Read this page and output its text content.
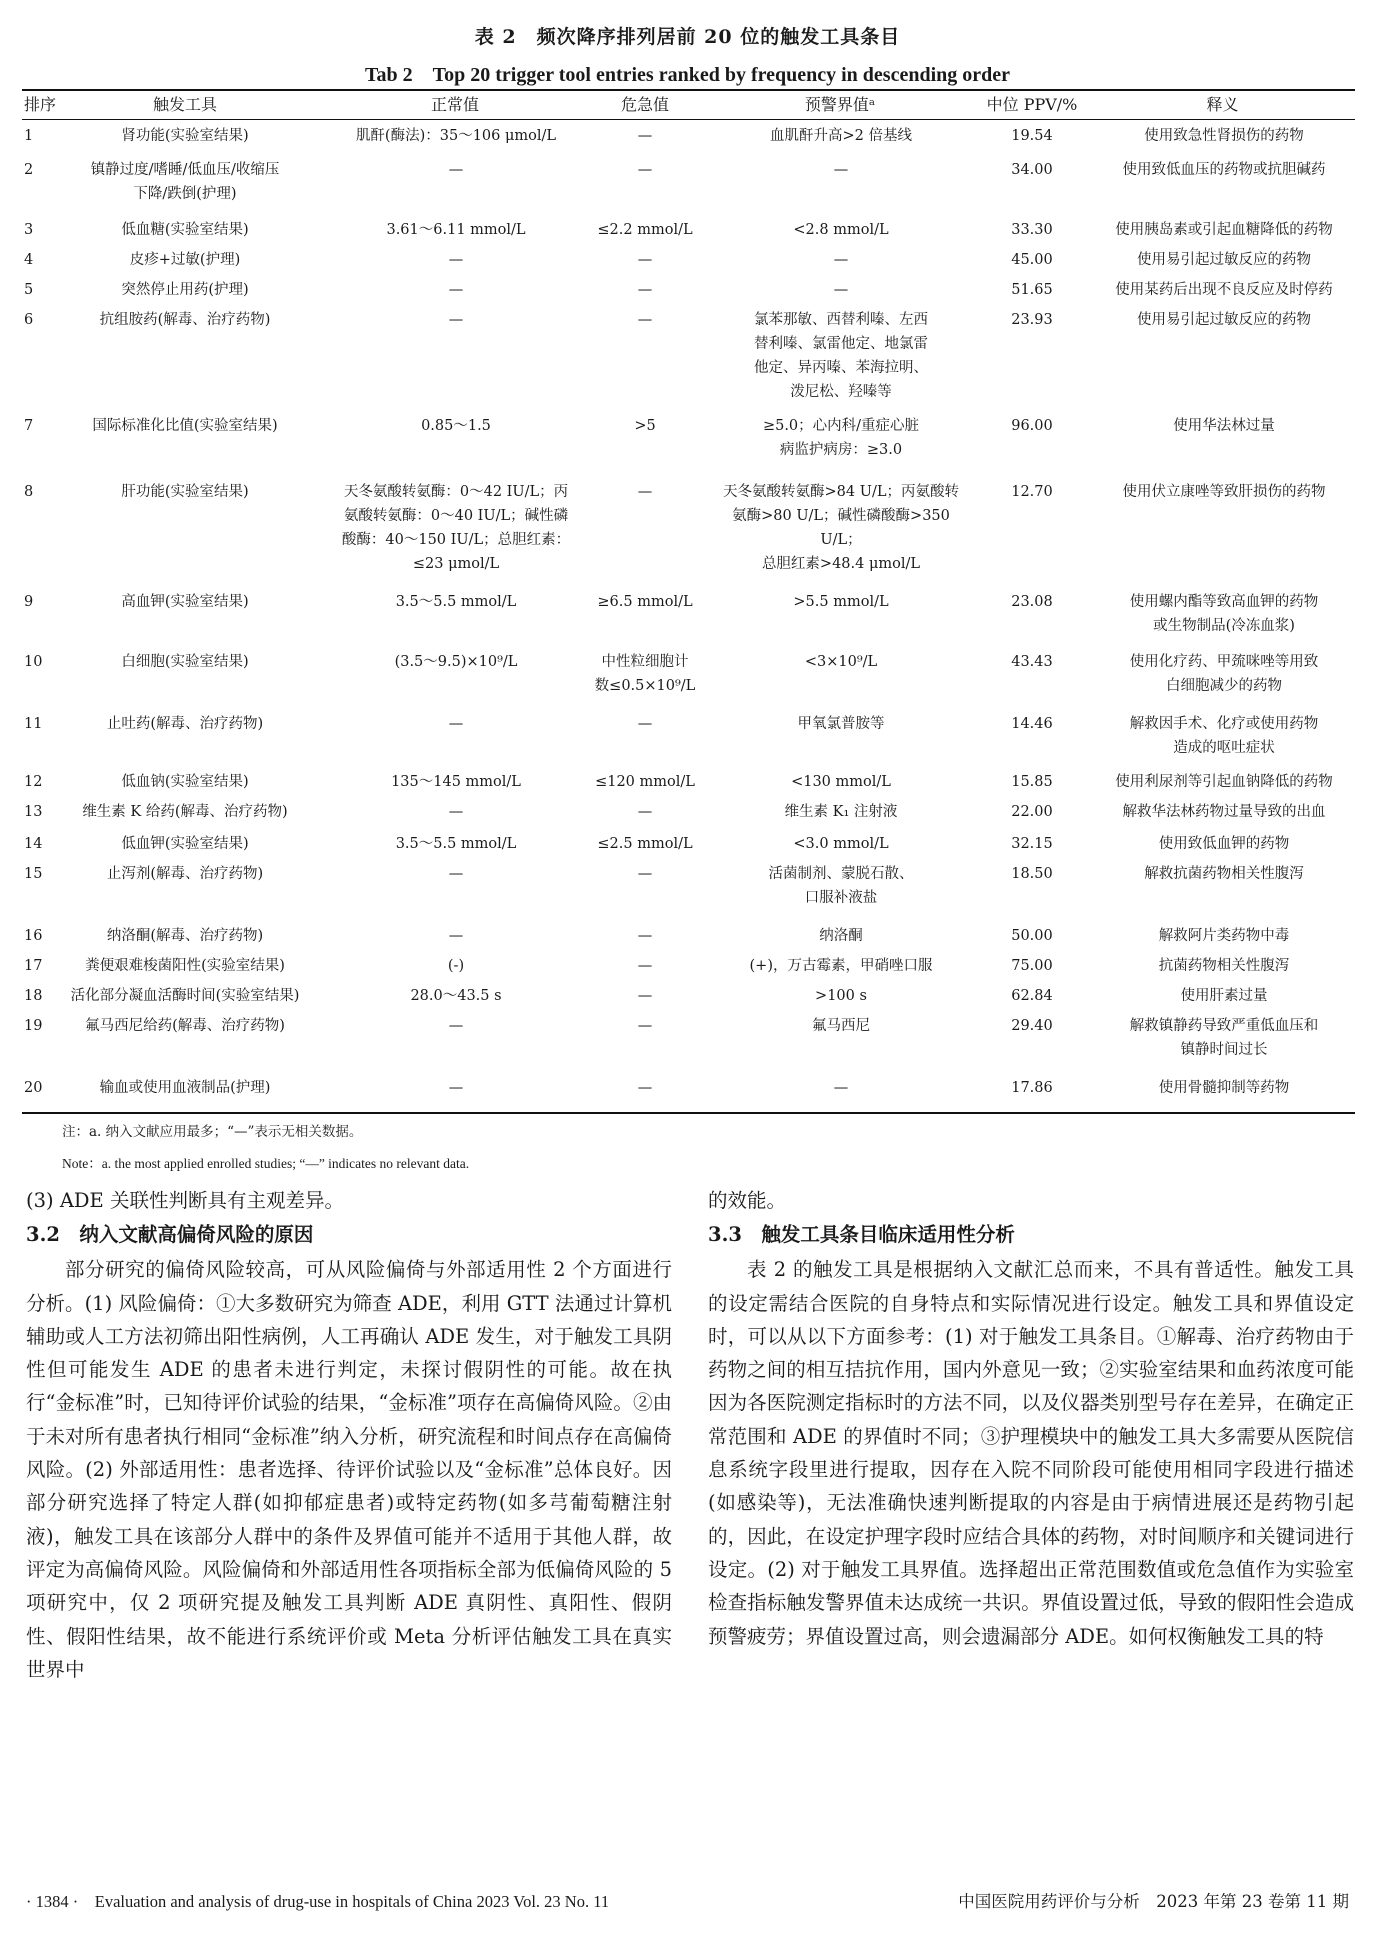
表 2　频次降序排列居前 20 位的触发工具条目
Tab 2　Top 20 trigger tool entries ranked by frequency in descending order
排序	触发工具	正常值	危急值	预警界值ᵃ	中位 PPV/%	释义
1	肾功能(实验室结果)	肌酐(酶法)：35～106 μmol/L	—	血肌酐升高>2 倍基线	19.54	使用致急性肾损伤的药物
2	镇静过度/嗜睡/低血压/收缩压
下降/跌倒(护理)
—	—	—	34.00	使用致低血压的药物或抗胆碱药
3	低血糖(实验室结果)	3.61～6.11 mmol/L	≤2.2 mmol/L	<2.8 mmol/L	33.30	使用胰岛素或引起血糖降低的药物
4	皮疹+过敏(护理)	—	—	—	45.00	使用易引起过敏反应的药物
5	突然停止用药(护理)	—	—	—	51.65	使用某药后出现不良反应及时停药
6	抗组胺药(解毒、治疗药物)	—	—	氯苯那敏、西替利嗪、左西
替利嗪、氯雷他定、地氯雷
他定、异丙嗪、苯海拉明、
泼尼松、羟嗪等
23.93	使用易引起过敏反应的药物
7	国际标准化比值(实验室结果)	0.85～1.5	>5	≥5.0；心内科/重症心脏
病监护病房：≥3.0
96.00	使用华法林过量
8	肝功能(实验室结果)	天冬氨酸转氨酶：0～42 IU/L；丙
氨酸转氨酶：0～40 IU/L；碱性磷
酸酶：40～150 IU/L；总胆红素：
≤23 μmol/L
—	天冬氨酸转氨酶>84 U/L；丙氨酸转
氨酶>80 U/L；碱性磷酸酶>350 U/L；
总胆红素>48.4 μmol/L
12.70	使用伏立康唑等致肝损伤的药物
9	高血钾(实验室结果)	3.5～5.5 mmol/L	≥6.5 mmol/L	>5.5 mmol/L	23.08	使用螺内酯等致高血钾的药物
或生物制品(冷冻血浆)
10	白细胞(实验室结果)	(3.5～9.5)×10⁹/L	中性粒细胞计
数≤0.5×10⁹/L
<3×10⁹/L	43.43	使用化疗药、甲巯咪唑等用致
白细胞减少的药物
11	止吐药(解毒、治疗药物)	—	—	甲氧氯普胺等	14.46	解救因手术、化疗或使用药物
造成的呕吐症状
12	低血钠(实验室结果)	135～145 mmol/L	≤120 mmol/L	<130 mmol/L	15.85	使用利尿剂等引起血钠降低的药物
13	维生素 K 给药(解毒、治疗药物)	—	—	维生素 K₁ 注射液	22.00	解救华法林药物过量导致的出血
14	低血钾(实验室结果)	3.5～5.5 mmol/L	≤2.5 mmol/L	<3.0 mmol/L	32.15	使用致低血钾的药物
15	止泻剂(解毒、治疗药物)	—	—	活菌制剂、蒙脱石散、
口服补液盐
18.50	解救抗菌药物相关性腹泻
16	纳洛酮(解毒、治疗药物)	—	—	纳洛酮	50.00	解救阿片类药物中毒
17	粪便艰难梭菌阳性(实验室结果)	(-)	—	(+)，万古霉素，甲硝唑口服	75.00	抗菌药物相关性腹泻
18	活化部分凝血活酶时间(实验室结果)	28.0～43.5 s	—	>100 s	62.84	使用肝素过量
19	氟马西尼给药(解毒、治疗药物)	—	—	氟马西尼	29.40	解救镇静药导致严重低血压和
镇静时间过长
20	输血或使用血液制品(护理)	—	—	—	17.86	使用骨髓抑制等药物
注：a. 纳入文献应用最多；“—”表示无相关数据。
Note：a. the most applied enrolled studies; “—” indicates no relevant data.

(3) ADE 关联性判断具有主观差异。

3.2　纳入文献高偏倚风险的原因

部分研究的偏倚风险较高，可从风险偏倚与外部适用性 2 个方面进行分析。(1) 风险偏倚：①大多数研究为筛查 ADE，利用 GTT 法通过计算机辅助或人工方法初筛出阳性病例，人工再确认 ADE 发生，对于触发工具阴性但可能发生 ADE 的患者未进行判定，未探讨假阴性的可能。故在执行“金标准”时，已知待评价试验的结果，“金标准”项存在高偏倚风险。②由于未对所有患者执行相同“金标准”纳入分析，研究流程和时间点存在高偏倚风险。(2) 外部适用性：患者选择、待评价试验以及“金标准”总体良好。因部分研究选择了特定人群(如抑郁症患者)或特定药物(如多芎葡萄糖注射液)，触发工具在该部分人群中的条件及界值可能并不适用于其他人群，故评定为高偏倚风险。风险偏倚和外部适用性各项指标全部为低偏倚风险的 5 项研究中，仅 2 项研究提及触发工具判断 ADE 真阴性、真阳性、假阴性、假阳性结果，故不能进行系统评价或 Meta 分析评估触发工具在真实世界中

的效能。

3.3　触发工具条目临床适用性分析

表 2 的触发工具是根据纳入文献汇总而来，不具有普适性。触发工具的设定需结合医院的自身特点和实际情况进行设定。触发工具和界值设定时，可以从以下方面参考：(1) 对于触发工具条目。①解毒、治疗药物由于药物之间的相互拮抗作用，国内外意见一致；②实验室结果和血药浓度可能因为各医院测定指标时的方法不同，以及仪器类别型号存在差异，在确定正常范围和 ADE 的界值时不同；③护理模块中的触发工具大多需要从医院信息系统字段里进行提取，因存在入院不同阶段可能使用相同字段进行描述(如感染等)，无法准确快速判断提取的内容是由于病情进展还是药物引起的，因此，在设定护理字段时应结合具体的药物，对时间顺序和关键词进行设定。(2) 对于触发工具界值。选择超出正常范围数值或危急值作为实验室检查指标触发警界值未达成统一共识。界值设置过低，导致的假阳性会造成预警疲劳；界值设置过高，则会遗漏部分 ADE。如何权衡触发工具的特

· 1384 ·　Evaluation and analysis of drug-use in hospitals of China 2023 Vol. 23 No. 11	中国医院用药评价与分析　2023 年第 23 卷第 11 期
